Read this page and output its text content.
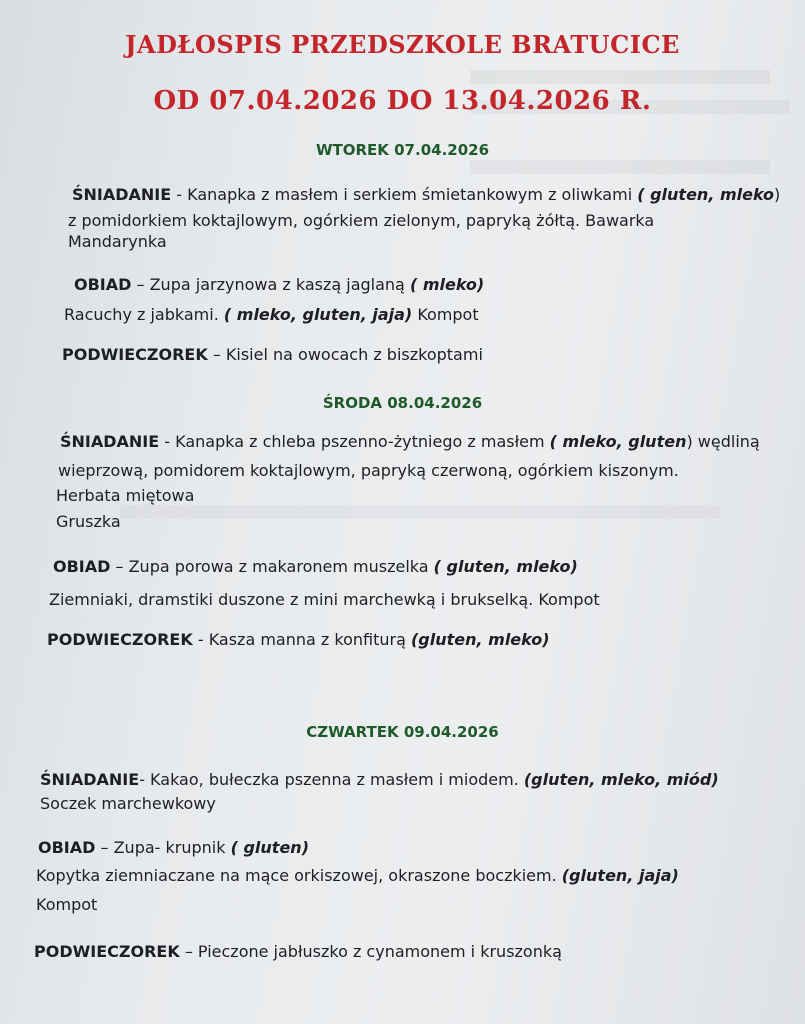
JADŁOSPIS PRZEDSZKOLE BRATUCICE
OD 07.04.2026 DO 13.04.2026 R.
WTOREK 07.04.2026
ŚNIADANIE - Kanapka z masłem i serkiem śmietankowym z oliwkami ( gluten, mleko)
z pomidorkiem koktajlowym, ogórkiem zielonym, papryką żółtą. Bawarka
Mandarynka
OBIAD – Zupa jarzynowa z kaszą jaglaną ( mleko)
Racuchy z jabkami. ( mleko, gluten, jaja) Kompot
PODWIECZOREK – Kisiel na owocach z biszkoptami
ŚRODA 08.04.2026
ŚNIADANIE - Kanapka z chleba pszenno-żytniego z masłem ( mleko, gluten) wędliną
wieprzową, pomidorem koktajlowym, papryką czerwoną, ogórkiem kiszonym.
Herbata miętowa
Gruszka
OBIAD – Zupa porowa z makaronem muszelka ( gluten, mleko)
Ziemniaki, dramstiki duszone z mini marchewką i brukselką. Kompot
PODWIECZOREK - Kasza manna z konfiturą (gluten, mleko)
CZWARTEK 09.04.2026
ŚNIADANIE- Kakao, bułeczka pszenna z masłem i miodem. (gluten, mleko, miód)
Soczek marchewkowy
OBIAD – Zupa- krupnik ( gluten)
Kopytka ziemniaczane na mące orkiszowej, okraszone boczkiem. (gluten, jaja)
Kompot
PODWIECZOREK – Pieczone jabłuszko z cynamonem i kruszonką
